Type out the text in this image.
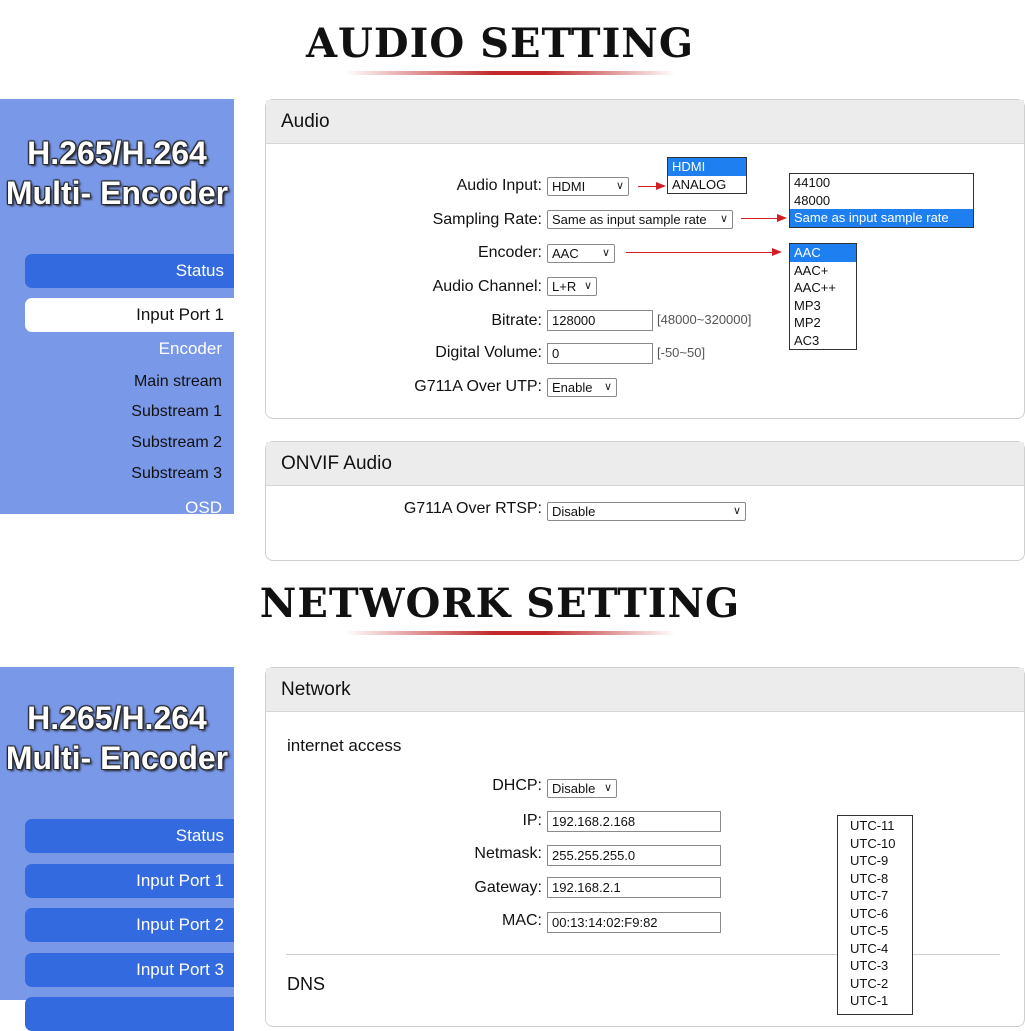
AUDIO SETTING
H.265/H.264
Multi- Encoder
Status
Input Port 1
Encoder
Main stream
Substream 1
Substream 2
Substream 3
OSD
Audio
Audio Input: HDMI	∨
HDMI
ANALOG
Sampling Rate: Same as input sample rate ∨
44100
48000
Same as input sample rate
Encoder: AAC ∨	AAC
AAC+
AAC++
MP3
MP2
AC3
Audio Channel: L+R ∨
Bitrate: 128000	[48000~320000]
Digital Volume: 0	[-50~50]
G711A Over UTP: Enable ∨
ONVIF Audio
G711A Over RTSP: Disable	∨
NETWORK SETTING
H.265/H.264
Multi- Encoder
Status
Input Port 1
Input Port 2
Input Port 3
Network
internet access
DHCP: Disable ∨
IP: 192.168.2.168
Netmask: 255.255.255.0
Gateway: 192.168.2.1
MAC: 00:13:14:02:F9:82
DNS
UTC-11
UTC-10
UTC-9
UTC-8
UTC-7
UTC-6
UTC-5
UTC-4
UTC-3
UTC-2
UTC-1
